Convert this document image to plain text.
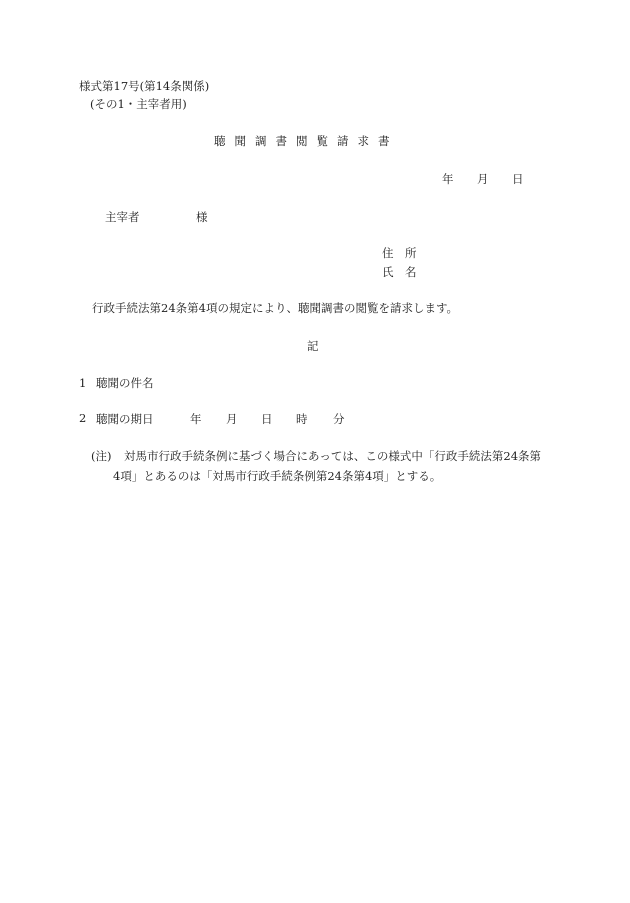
様式第17号(第14条関係)
(その1・主宰者用)
聴聞調書閲覧請求書
年 月 日
主宰者	様
住　所
氏　名
行政手続法第24条第4項の規定により、聴聞調書の閲覧を請求します。
記
1 聴聞の件名
2 聴聞の期日	年 月 日 時 分
(注) 対馬市行政手続条例に基づく場合にあっては、この様式中「行政手続法第24条第
4項」とあるのは「対馬市行政手続条例第24条第4項」とする。
